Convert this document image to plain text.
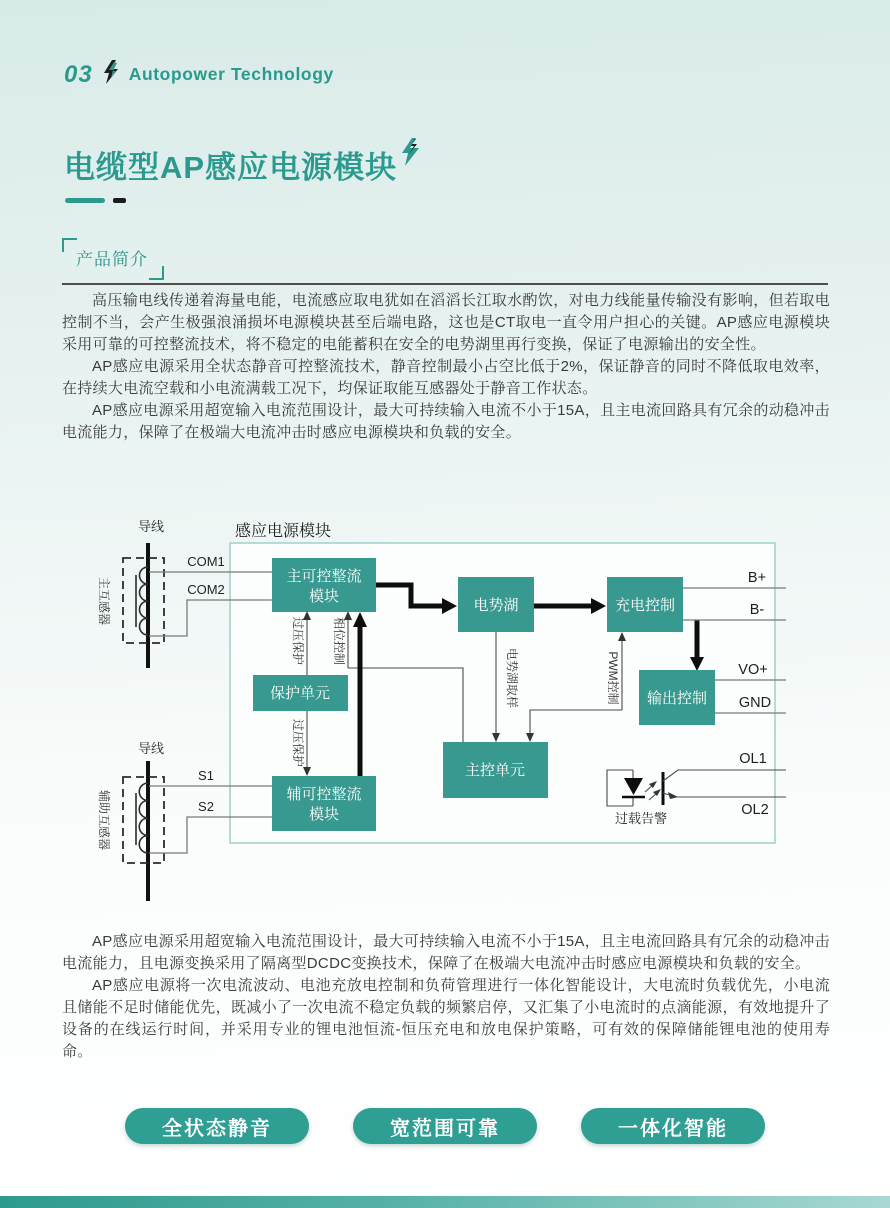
03 Autopower Technology
电缆型AP感应电源模块
产品简介

高压输电线传递着海量电能，电流感应取电犹如在滔滔长江取水酌饮，对电力线能量传输没有影响，但若取电控制不当，会产生极强浪涌损坏电源模块甚至后端电路，这也是CT取电一直令用户担心的关键。AP感应电源模块采用可靠的可控整流技术，将不稳定的电能蓄积在安全的电势湖里再行变换，保证了电源输出的安全性。

AP感应电源采用全状态静音可控整流技术，静音控制最小占空比低于2%，保证静音的同时不降低取电效率，在持续大电流空载和小电流满载工况下，均保证取能互感器处于静音工作状态。

AP感应电源采用超宽输入电流范围设计，最大可持续输入电流不小于15A，且主电流回路具有冗余的动稳冲击电流能力，保障了在极端大电流冲击时感应电源模块和负载的安全。

感应电源模块
导线
主互感器
COM1
COM2
主可控整流
模块
保护单元
过压保护 相位控制
电势湖	充电控制
输出控制
主控单元
B+
B-
VO+
GND
电势湖取样	PWM控制
过压保护
辅可控整流
模块
导线
辅助互感器
S1
S2
OL1
OL2
过载告警

AP感应电源采用超宽输入电流范围设计，最大可持续输入电流不小于15A，且主电流回路具有冗余的动稳冲击电流能力，且电源变换采用了隔离型DCDC变换技术，保障了在极端大电流冲击时感应电源模块和负载的安全。

AP感应电源将一次电流波动、电池充放电控制和负荷管理进行一体化智能设计，大电流时负载优先，小电流且储能不足时储能优先，既减小了一次电流不稳定负载的频繁启停，又汇集了小电流时的点滴能源，有效地提升了设备的在线运行时间，并采用专业的锂电池恒流-恒压充电和放电保护策略，可有效的保障储能锂电池的使用寿命。

全状态静音	宽范围可靠	一体化智能
